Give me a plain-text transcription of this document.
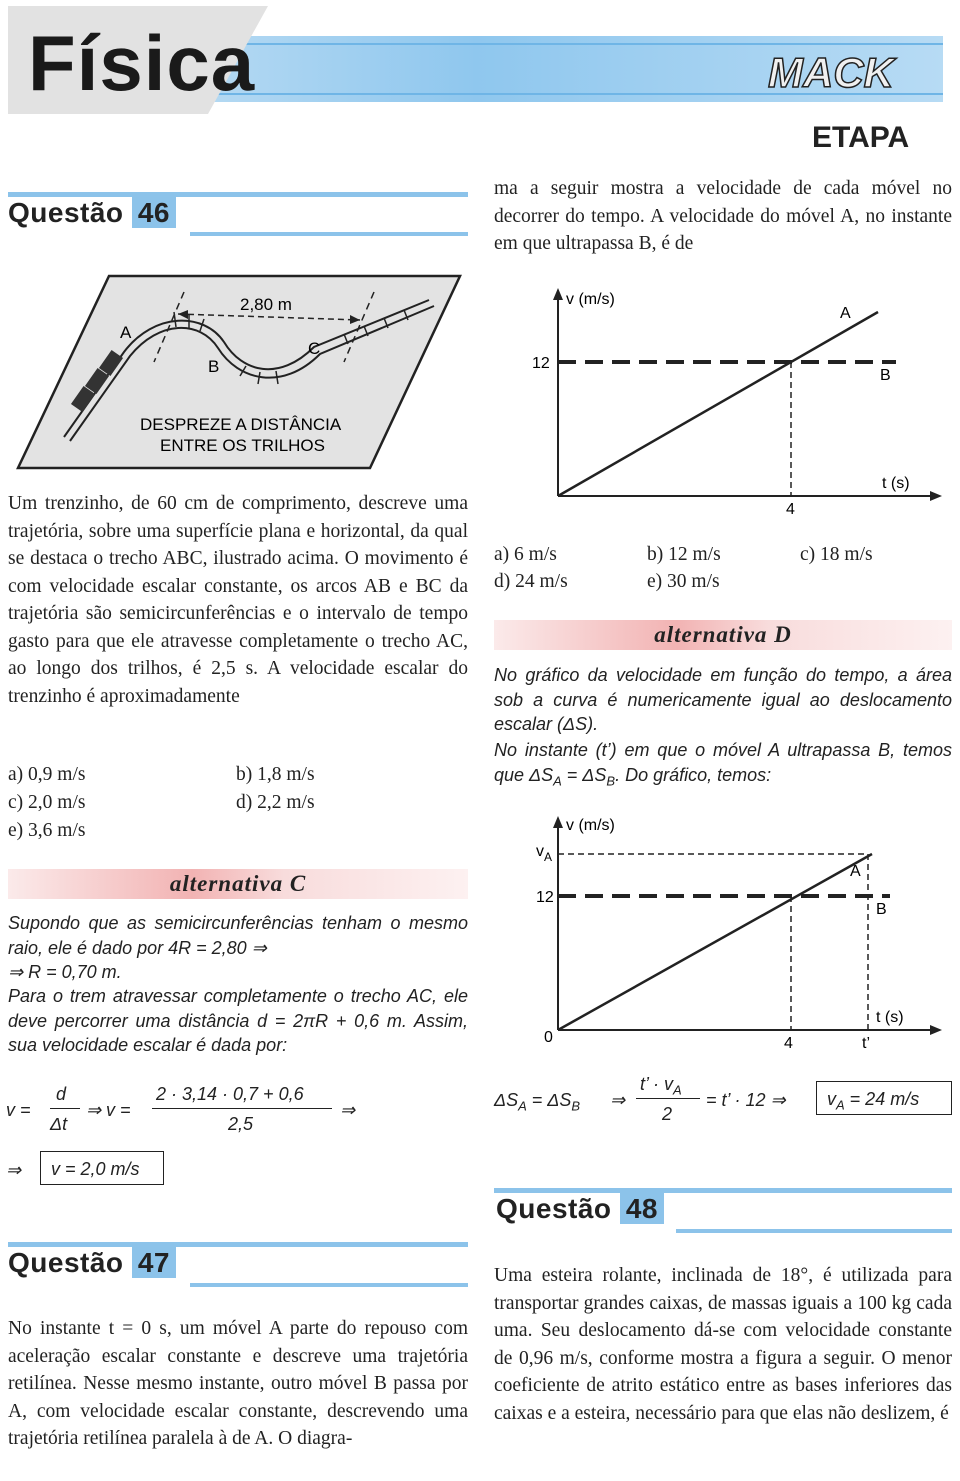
Física	MACK
ETAPA
Questão 46
2,80 m
A
B
C
DESPREZE A DISTÂNCIA
ENTRE OS TRILHOS
Um trenzinho, de 60 cm de comprimento, descreve uma trajetória, sobre uma superfície plana e horizontal, da qual se destaca o trecho ABC, ilustrado acima. O movimento é com velocidade escalar constante, os arcos AB e BC da trajetória são semicircunferências e o intervalo de tempo gasto para que ele atravesse completamente o trecho AC, ao longo dos trilhos, é 2,5 s. A velocidade escalar do trenzinho é aproximadamente
a) 0,9 m/s	b) 1,8 m/s
c) 2,0 m/s	d) 2,2 m/s
e) 3,6 m/s
alternativa C
Supondo que as semicircunferências tenham o mesmo raio, ele é dado por 4R = 2,80 ⇒
⇒ R = 0,70 m.
Para o trem atravessar completamente o trecho AC, ele deve percorrer uma distância d = 2πR + 0,6 m. Assim, sua velocidade escalar é dada por:
v =
d
Δt
⇒ v =
2 · 3,14 · 0,7 + 0,6
2,5
⇒
⇒	v = 2,0 m/s
Questão 47
No instante t = 0 s, um móvel A parte do repouso com aceleração escalar constante e descreve uma trajetória retilínea. Nesse mesmo instante, outro móvel B passa por A, com velocidade escalar constante, descrevendo uma trajetória retilínea paralela à de A. O diagra-
ma a seguir mostra a velocidade de cada móvel no decorrer do tempo. A velocidade do móvel A, no instante em que ultrapassa B, é de
v (m/s)
12
A
B
4
t (s)
a) 6 m/s	b) 12 m/s	c) 18 m/s
d) 24 m/s	e) 30 m/s
alternativa D
No gráfico da velocidade em função do tempo, a área sob a curva é numericamente igual ao deslocamento escalar (ΔS).
No instante (t’) em que o móvel A ultrapassa B, temos que $\Delta S_A = \Delta S_B$. Do gráfico, temos:
v (m/s)
$v_A$
12
0
A
B
4	t’
t (s)
$\Delta S_A = \Delta S_B$ ⇒
t’ · $v_A$
2
= t’ · 12 ⇒	$v_A = 24$ m/s
Questão 48
Uma esteira rolante, inclinada de 18°, é utilizada para transportar grandes caixas, de massas iguais a 100 kg cada uma. Seu deslocamento dá-se com velocidade constante de 0,96 m/s, conforme mostra a figura a seguir. O menor coeficiente de atrito estático entre as bases inferiores das caixas e a esteira, necessário para que elas não deslizem, é
